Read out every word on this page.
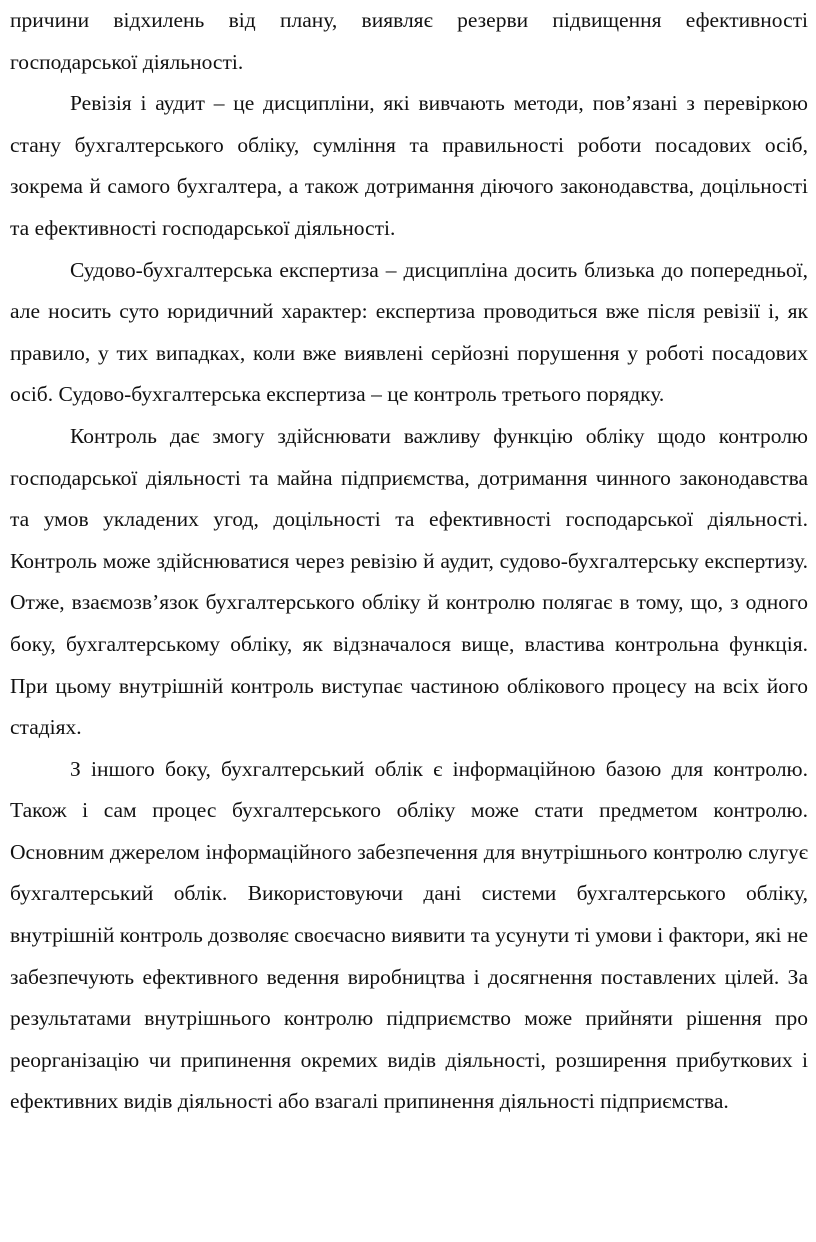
причини відхилень від плану, виявляє резерви підвищення ефективності господарської діяльності.

Ревізія і аудит – це дисципліни, які вивчають методи, пов’язані з перевіркою стану бухгалтерського обліку, сумління та правильності роботи посадових осіб, зокрема й самого бухгалтера, а також дотримання діючого законодавства, доцільності та ефективності господарської діяльності.

Судово-бухгалтерська експертиза – дисципліна досить близька до попередньої, але носить суто юридичний характер: експертиза проводиться вже після ревізії і, як правило, у тих випадках, коли вже виявлені серйозні порушення у роботі посадових осіб. Судово-бухгалтерська експертиза – це контроль третього порядку.

Контроль дає змогу здійснювати важливу функцію обліку щодо контролю господарської діяльності та майна підприємства, дотримання чинного законодавства та умов укладених угод, доцільності та ефективності господарської діяльності. Контроль може здійснюватися через ревізію й аудит, судово-бухгалтерську експертизу. Отже, взаємозв’язок бухгалтерського обліку й контролю полягає в тому, що, з одного боку, бухгалтерському обліку, як відзначалося вище, властива контрольна функція. При цьому внутрішній контроль виступає частиною облікового процесу на всіх його стадіях.

З іншого боку, бухгалтерський облік є інформаційною базою для контролю. Також і сам процес бухгалтерського обліку може стати предметом контролю. Основним джерелом інформаційного забезпечення для внутрішнього контролю слугує бухгалтерський облік. Використовуючи дані системи бухгалтерського обліку, внутрішній контроль дозволяє своєчасно виявити та усунути ті умови і фактори, які не забезпечують ефективного ведення виробництва і досягнення поставлених цілей. За результатами внутрішнього контролю підприємство може прийняти рішення про реорганізацію чи припинення окремих видів діяльності, розширення прибуткових і ефективних видів діяльності або взагалі припинення діяльності підприємства.
